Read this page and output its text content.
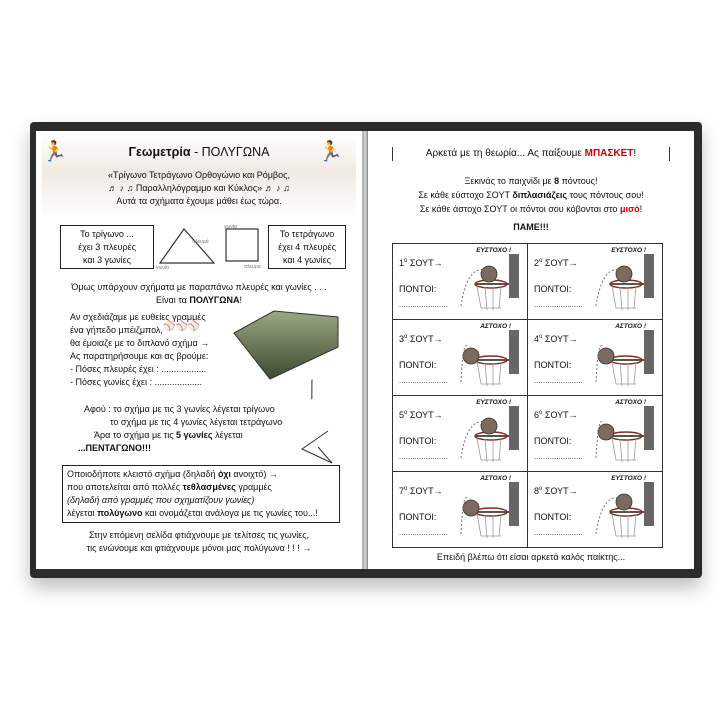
🏃	🏃
Γεωμετρία - ΠΟΛΥΓΩΝΑ
«Τρίγωνο Τετράγωνο Ορθογώνιο και Ρόμβος,
♬ ♪ ♫ Παραλληλόγραμμο και Κύκλος» ♬ ♪ ♫
Αυτά τα σχήματα έχουμε μάθει έως τώρα.
Το τρίγωνο ...
έχει 3 πλευρές
και 3 γωνίες
πλευρά
γωνία
γωνία
πλευρά
Το τετράγωνο
έχει 4 πλευρές
και 4 γωνίες
Όμως υπάρχουν σχήματα με παραπάνω πλευρές και γωνίες . . .
Είναι τα ΠΟΛΥΓΩΝΑ!
Αν σχεδιάζαμε με ευθείες γραμμές
ένα γήπεδο μπέιζμπολ, ⚾⚾⚾
θα έμοιαζε με το διπλανό σχήμα →
Ας παρατηρήσουμε και ας βρούμε:
- Πόσες πλευρές έχει : ..................
- Πόσες γωνίες έχει : ...................	⟋
Αφού : το σχήμα με τις 3 γωνίες λέγεται τρίγωνο
το σχήμα με τις 4 γωνίες λέγεται τετράγωνο
Άρα το σχήμα με τις 5 γωνίες λέγεται
...ΠΕΝΤΑΓΩΝΟ!!!
Οποιοδήποτε κλειστό σχήμα (δηλαδή όχι ανοιχτό) →
που αποτελείται από πολλές τεθλασμένες γραμμές
(δηλαδή από γραμμές που σχηματίζουν γωνίες)
λέγεται πολύγωνο και ονομάζεται ανάλογα με τις γωνίες του...!
Στην επόμενη σελίδα φτιάχνουμε με τελίτσες τις γωνίες,
τις ενώνουμε και φτιάχνουμε μόνοι μας πολύγωνα ! ! ! →
Αρκετά με τη θεωρία... Ας παίξουμε ΜΠΑΣΚΕΤ!
Ξεκινάς το παιχνίδι με 8 πόντους!
Σε κάθε εύστοχο ΣΟΥΤ διπλασιάζεις τους πόντους σου!
Σε κάθε άστοχο ΣΟΥΤ οι πόντοι σου κόβονται στο μισό!
ΠΑΜΕ!!!
ΕΥΣΤΟΧΟ !
$1^o$ ΣΟΥΤ→
ΠΟΝΤΟΙ:
......................
ΕΥΣΤΟΧΟ !
$2^o$ ΣΟΥΤ→
ΠΟΝΤΟΙ:
......................
ΑΣΤΟΧΟ !
$3^o$ ΣΟΥΤ→
ΠΟΝΤΟΙ:
......................
ΑΣΤΟΧΟ !
$4^o$ ΣΟΥΤ→
ΠΟΝΤΟΙ:
......................
ΕΥΣΤΟΧΟ !
$5^o$ ΣΟΥΤ→
ΠΟΝΤΟΙ:
......................
ΑΣΤΟΧΟ !
$6^o$ ΣΟΥΤ→
ΠΟΝΤΟΙ:
......................
ΑΣΤΟΧΟ !
$7^o$ ΣΟΥΤ→
ΠΟΝΤΟΙ:
......................
ΕΥΣΤΟΧΟ !
$8^o$ ΣΟΥΤ→
ΠΟΝΤΟΙ:
......................
Επειδή βλέπω ότι είσαι αρκετά καλός παίκτης...
